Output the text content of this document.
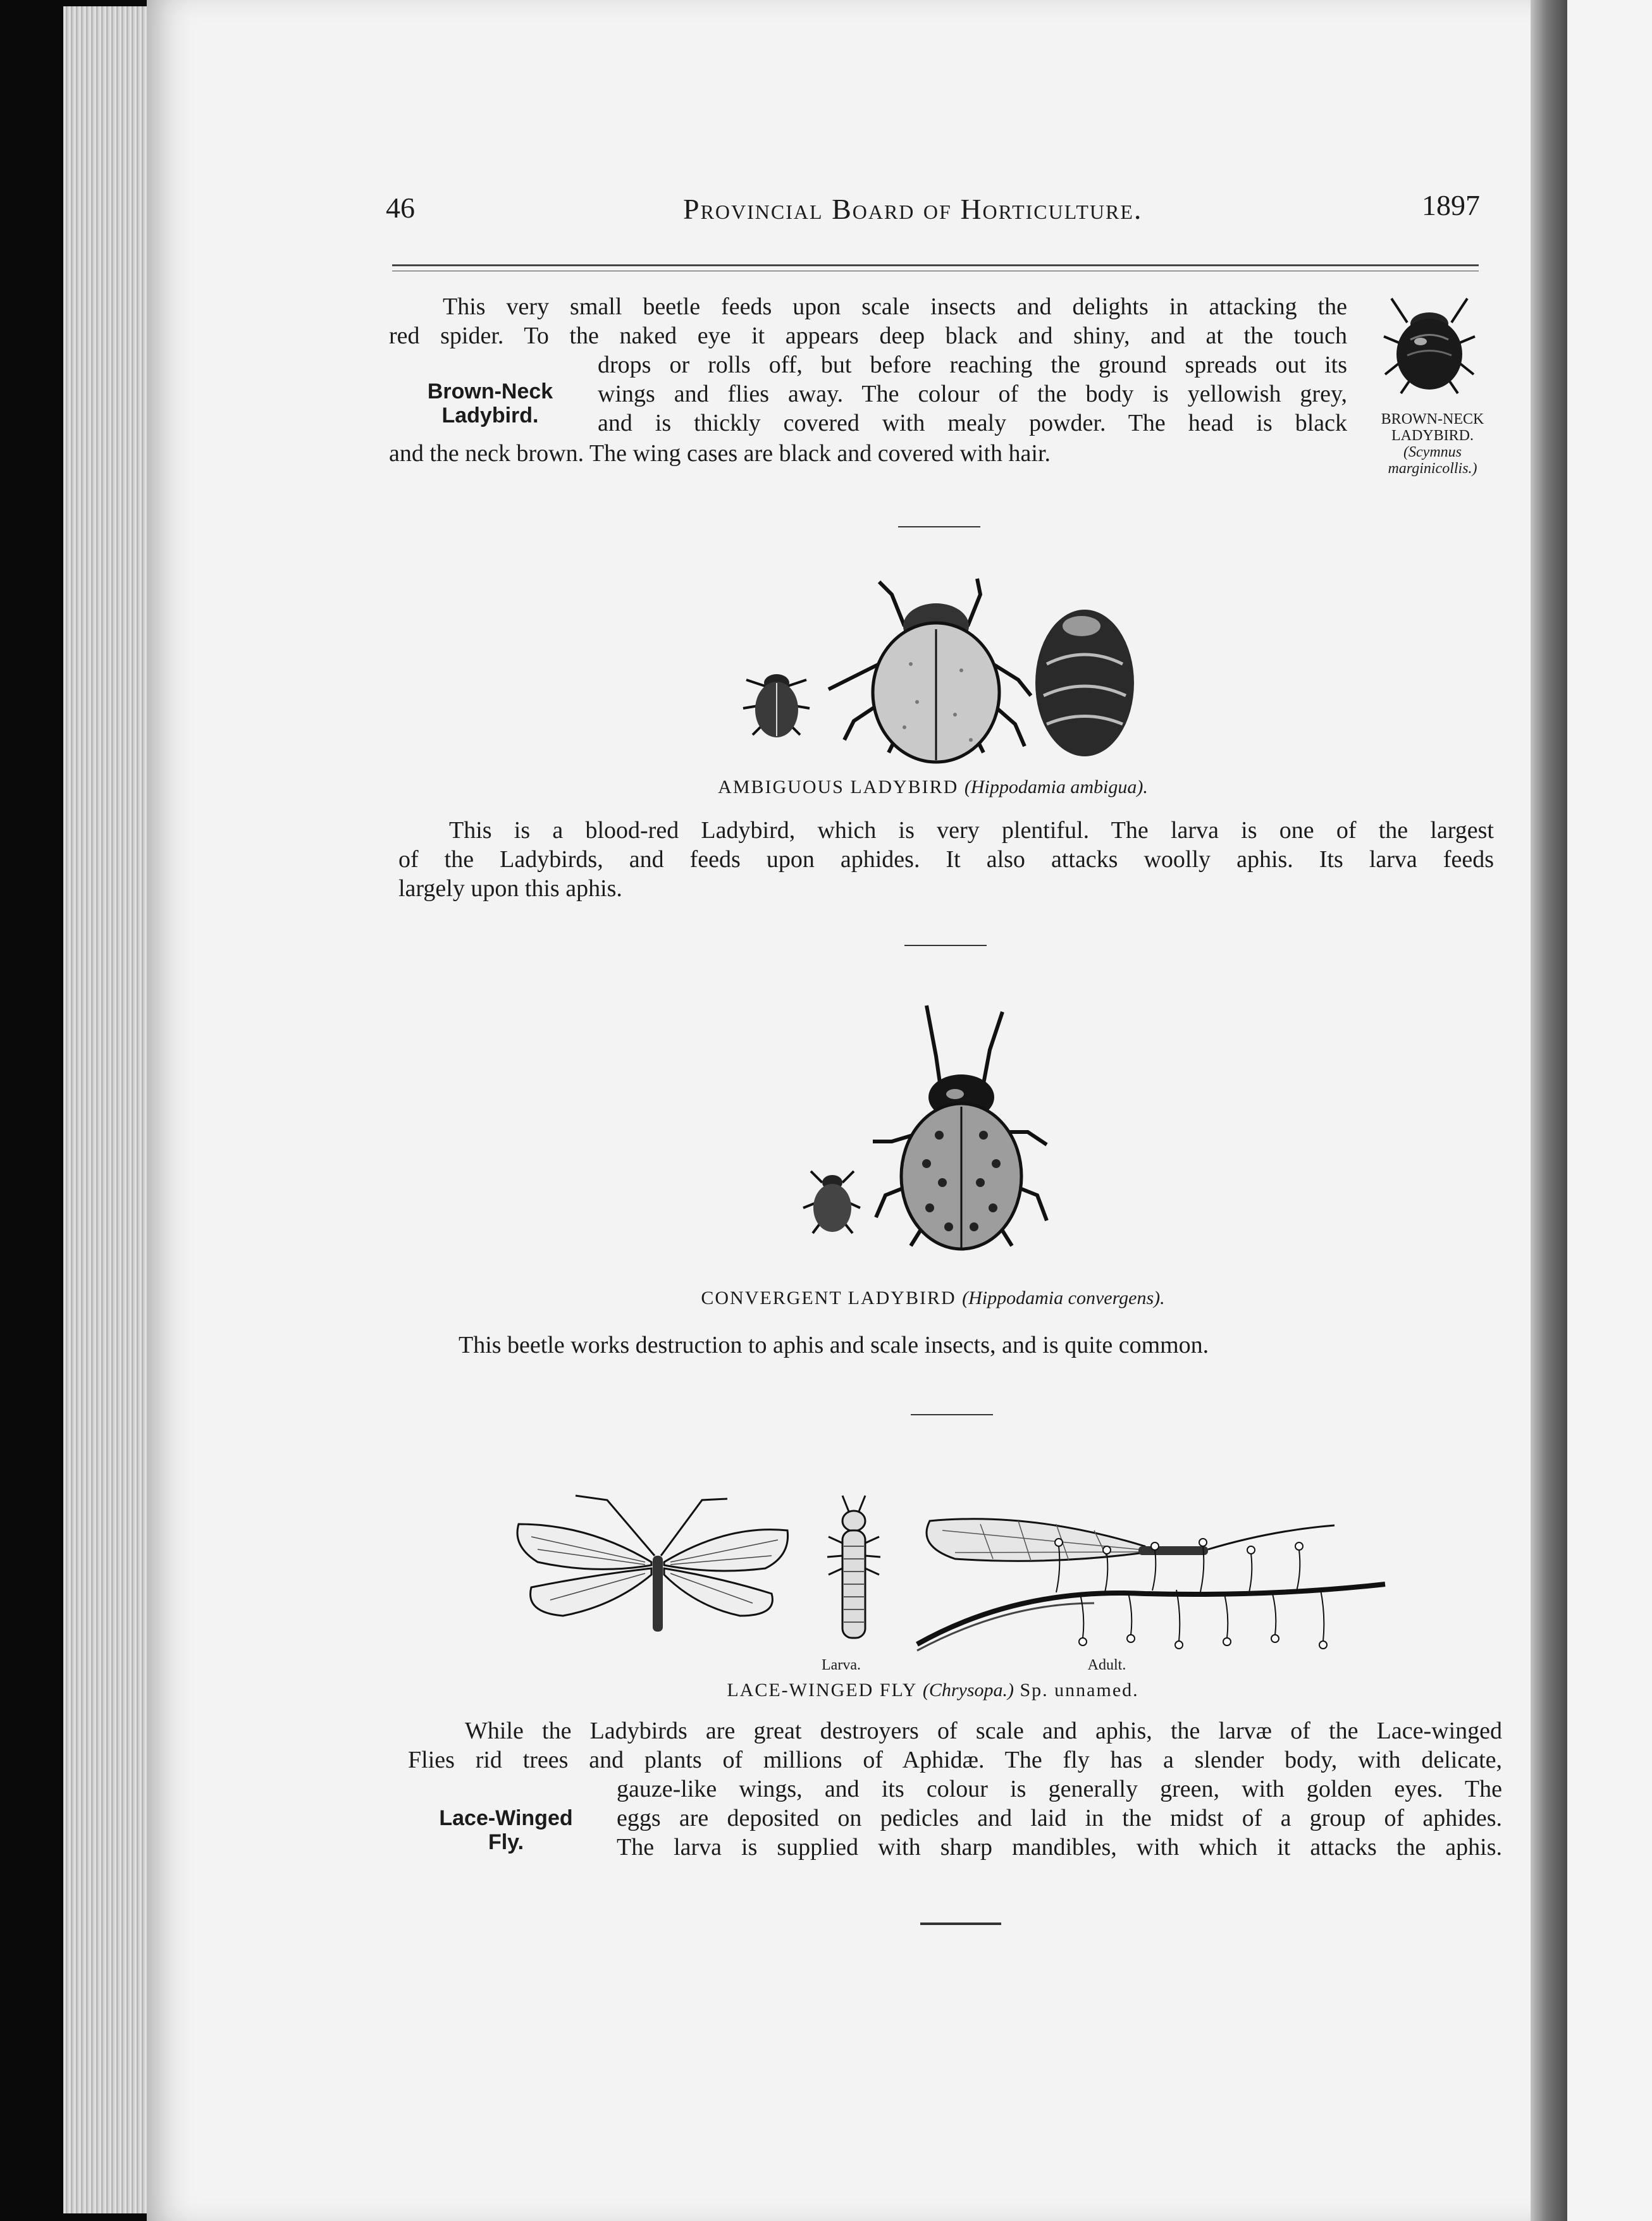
46	Provincial Board of Horticulture.	1897
This very small beetle feeds upon scale insects and delights in attacking the
red spider. To the naked eye it appears deep black and shiny, and at the touch
drops or rolls off, but before reaching the ground spreads out its
wings and flies away. The colour of the body is yellowish grey,
and is thickly covered with mealy powder. The head is black
and the neck brown. The wing cases are black and covered with hair.
Brown-Neck
Ladybird.	BROWN-NECK
LADYBIRD.
(Scymnus
marginicollis.)
AMBIGUOUS LADYBIRD (Hippodamia ambigua).
This is a blood-red Ladybird, which is very plentiful. The larva is one of the largest
of the Ladybirds, and feeds upon aphides. It also attacks woolly aphis. Its larva feeds
largely upon this aphis.
CONVERGENT LADYBIRD (Hippodamia convergens).
This beetle works destruction to aphis and scale insects, and is quite common.
Larva.	Adult.
LACE-WINGED FLY (Chrysopa.) Sp. unnamed.
While the Ladybirds are great destroyers of scale and aphis, the larvæ of the Lace-winged
Flies rid trees and plants of millions of Aphidæ. The fly has a slender body, with delicate,
gauze-like wings, and its colour is generally green, with golden eyes. The
eggs are deposited on pedicles and laid in the midst of a group of aphides.
The larva is supplied with sharp mandibles, with which it attacks the aphis.
Lace-Winged
Fly.
